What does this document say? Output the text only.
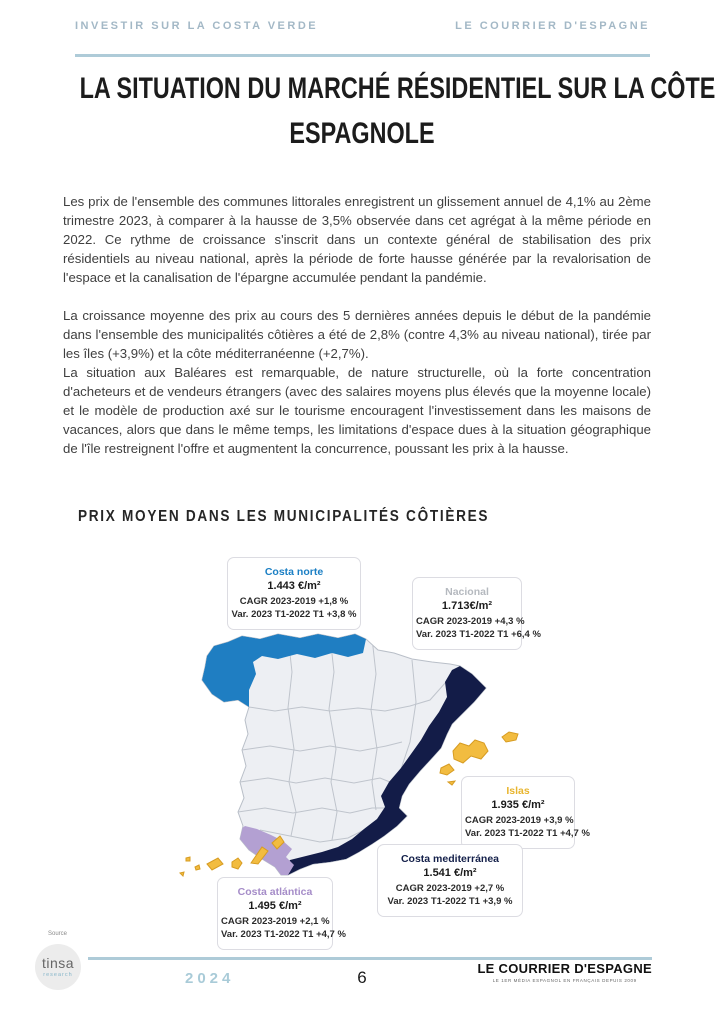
INVESTIR SUR LA COSTA VERDE	LE COURRIER D'ESPAGNE
LA SITUATION DU MARCHÉ RÉSIDENTIEL SUR LA CÔTE
ESPAGNOLE

Les prix de l'ensemble des communes littorales enregistrent un glissement annuel de 4,1% au 2ème trimestre 2023, à comparer à la hausse de 3,5% observée dans cet agrégat à la même période en 2022. Ce rythme de croissance s'inscrit dans un contexte général de stabilisation des prix résidentiels au niveau national, après la période de forte hausse générée par la revalorisation de l'espace et la canalisation de l'épargne accumulée pendant la pandémie.

La croissance moyenne des prix au cours des 5 dernières années depuis le début de la pandémie dans l'ensemble des municipalités côtières a été de 2,8% (contre 4,3% au niveau national), tirée par les îles (+3,9%) et la côte méditerranéenne (+2,7%).

La situation aux Baléares est remarquable, de nature structurelle, où la forte concentration d'acheteurs et de vendeurs étrangers (avec des salaires moyens plus élevés que la moyenne locale) et le modèle de production axé sur le tourisme encouragent l'investissement dans les maisons de vacances, alors que dans le même temps, les limitations d'espace dues à la situation géographique de l'île restreignent l'offre et augmentent la concurrence, poussant les prix à la hausse.

PRIX MOYEN DANS LES MUNICIPALITÉS CÔTIÈRES
Costa norte
1.443 €/m²
CAGR 2023-2019 +1,8 %
Var. 2023 T1-2022 T1 +3,8 %
Nacional
1.713€/m²
CAGR 2023-2019 +4,3 %
Var. 2023 T1-2022 T1 +6,4 %
Islas
1.935 €/m²
CAGR 2023-2019 +3,9 %
Var. 2023 T1-2022 T1 +4,7 %
Costa mediterránea
1.541 €/m²
CAGR 2023-2019 +2,7 %
Var. 2023 T1-2022 T1 +3,9 %
Costa atlántica
1.495 €/m²
CAGR 2023-2019 +2,1 %
Var. 2023 T1-2022 T1 +4,7 %
Source
tinsa
research	2024	6	LE COURRIER D'ESPAGNE
LE 1ER MÉDIA ESPAGNOL EN FRANÇAIS DEPUIS 2009
